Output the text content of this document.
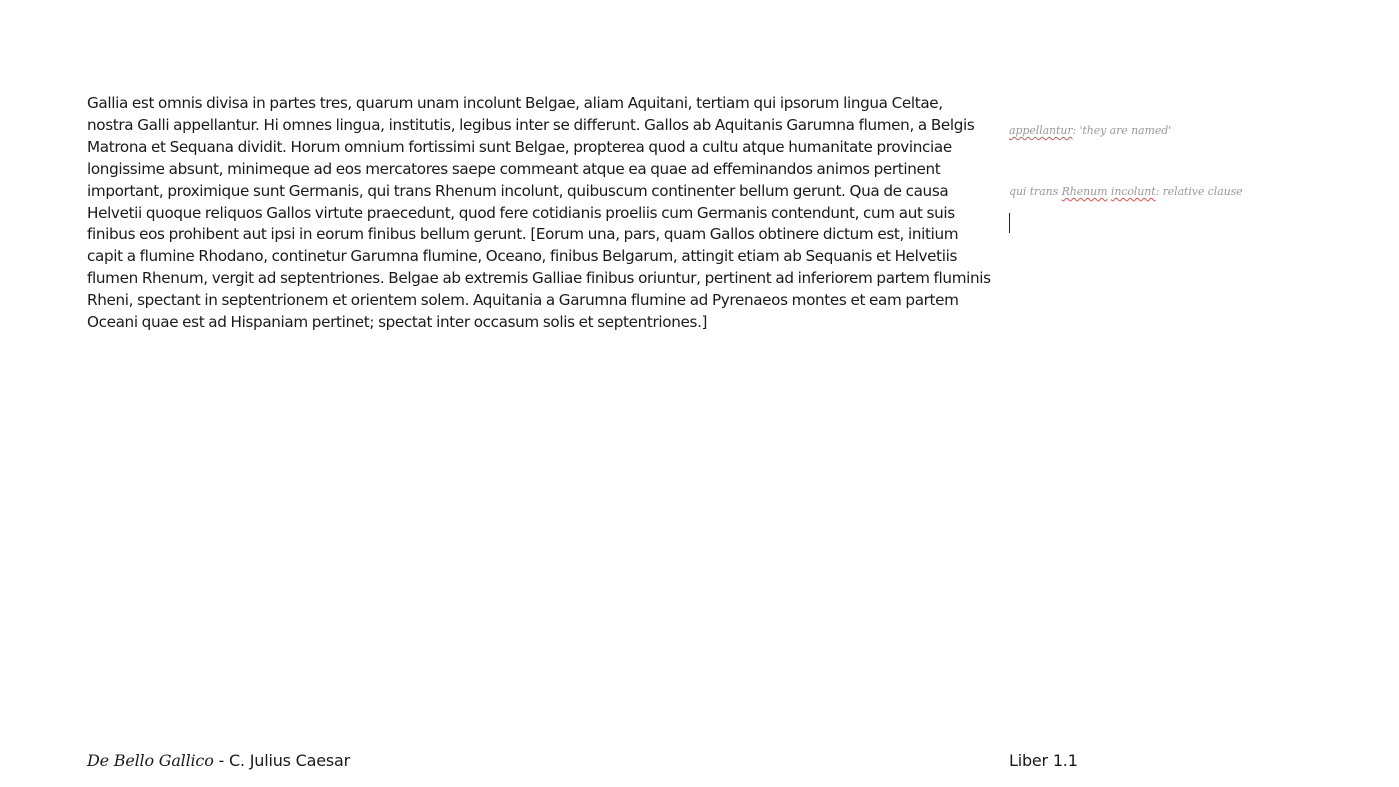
Gallia est omnis divisa in partes tres, quarum unam incolunt Belgae, aliam Aquitani, tertiam qui ipsorum lingua Celtae, nostra Galli appellantur. Hi omnes lingua, institutis, legibus inter se differunt. Gallos ab Aquitanis Garumna flumen, a Belgis Matrona et Sequana dividit. Horum omnium fortissimi sunt Belgae, propterea quod a cultu atque humanitate provinciae longissime absunt, minimeque ad eos mercatores saepe commeant atque ea quae ad effeminandos animos pertinent important, proximique sunt Germanis, qui trans Rhenum incolunt, quibuscum continenter bellum gerunt. Qua de causa Helvetii quoque reliquos Gallos virtute praecedunt, quod fere cotidianis proeliis cum Germanis contendunt, cum aut suis finibus eos prohibent aut ipsi in eorum finibus bellum gerunt. [Eorum una, pars, quam Gallos obtinere dictum est, initium capit a flumine Rhodano, continetur Garumna flumine, Oceano, finibus Belgarum, attingit etiam ab Sequanis et Helvetiis flumen Rhenum, vergit ad septentriones. Belgae ab extremis Galliae finibus oriuntur, pertinent ad inferiorem partem fluminis Rheni, spectant in septentrionem et orientem solem. Aquitania a Garumna flumine ad Pyrenaeos montes et eam partem Oceani quae est ad Hispaniam pertinet; spectat inter occasum solis et septentriones.]

appellantur: 'they are named'
qui trans Rhenum incolunt: relative clause
De Bello Gallico - C. Julius Caesar	Liber 1.1
